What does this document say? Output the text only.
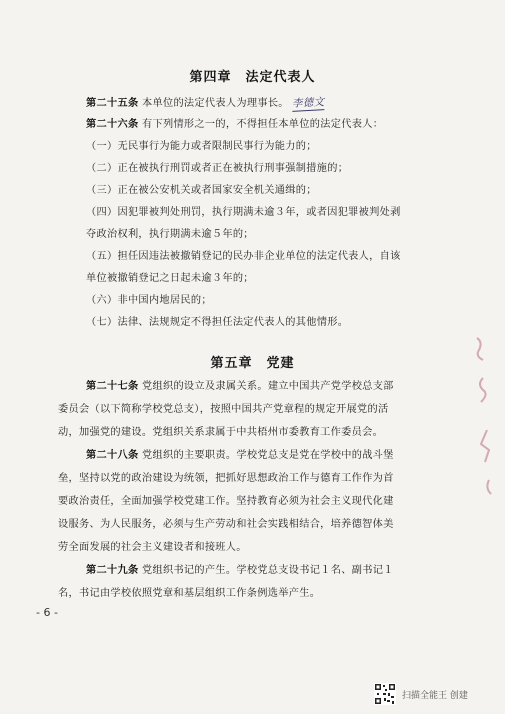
第四章　法定代表人
第二十五条 本单位的法定代表人为理事长。 李德文
第二十六条 有下列情形之一的，不得担任本单位的法定代表人：
（一）无民事行为能力或者限制民事行为能力的；
（二）正在被执行刑罚或者正在被执行刑事强制措施的；
（三）正在被公安机关或者国家安全机关通缉的；
（四）因犯罪被判处刑罚，执行期满未逾３年，或者因犯罪被判处剥
夺政治权利，执行期满未逾５年的；
（五）担任因违法被撤销登记的民办非企业单位的法定代表人，自该
单位被撤销登记之日起未逾３年的；
（六）非中国内地居民的；
（七）法律、法规规定不得担任法定代表人的其他情形。
第五章　党建
第二十七条 党组织的设立及隶属关系。建立中国共产党学校总支部
委员会（以下简称学校党总支），按照中国共产党章程的规定开展党的活
动，加强党的建设。党组织关系隶属于中共梧州市委教育工作委员会。
第二十八条 党组织的主要职责。学校党总支是党在学校中的战斗堡
垒，坚持以党的政治建设为统领，把抓好思想政治工作与德育工作作为首
要政治责任，全面加强学校党建工作。坚持教育必须为社会主义现代化建
设服务、为人民服务，必须与生产劳动和社会实践相结合，培养德智体美
劳全面发展的社会主义建设者和接班人。
第二十九条 党组织书记的产生。学校党总支设书记１名、副书记１
名，书记由学校依照党章和基层组织工作条例选举产生。
- 6 -
扫描全能王 创建
